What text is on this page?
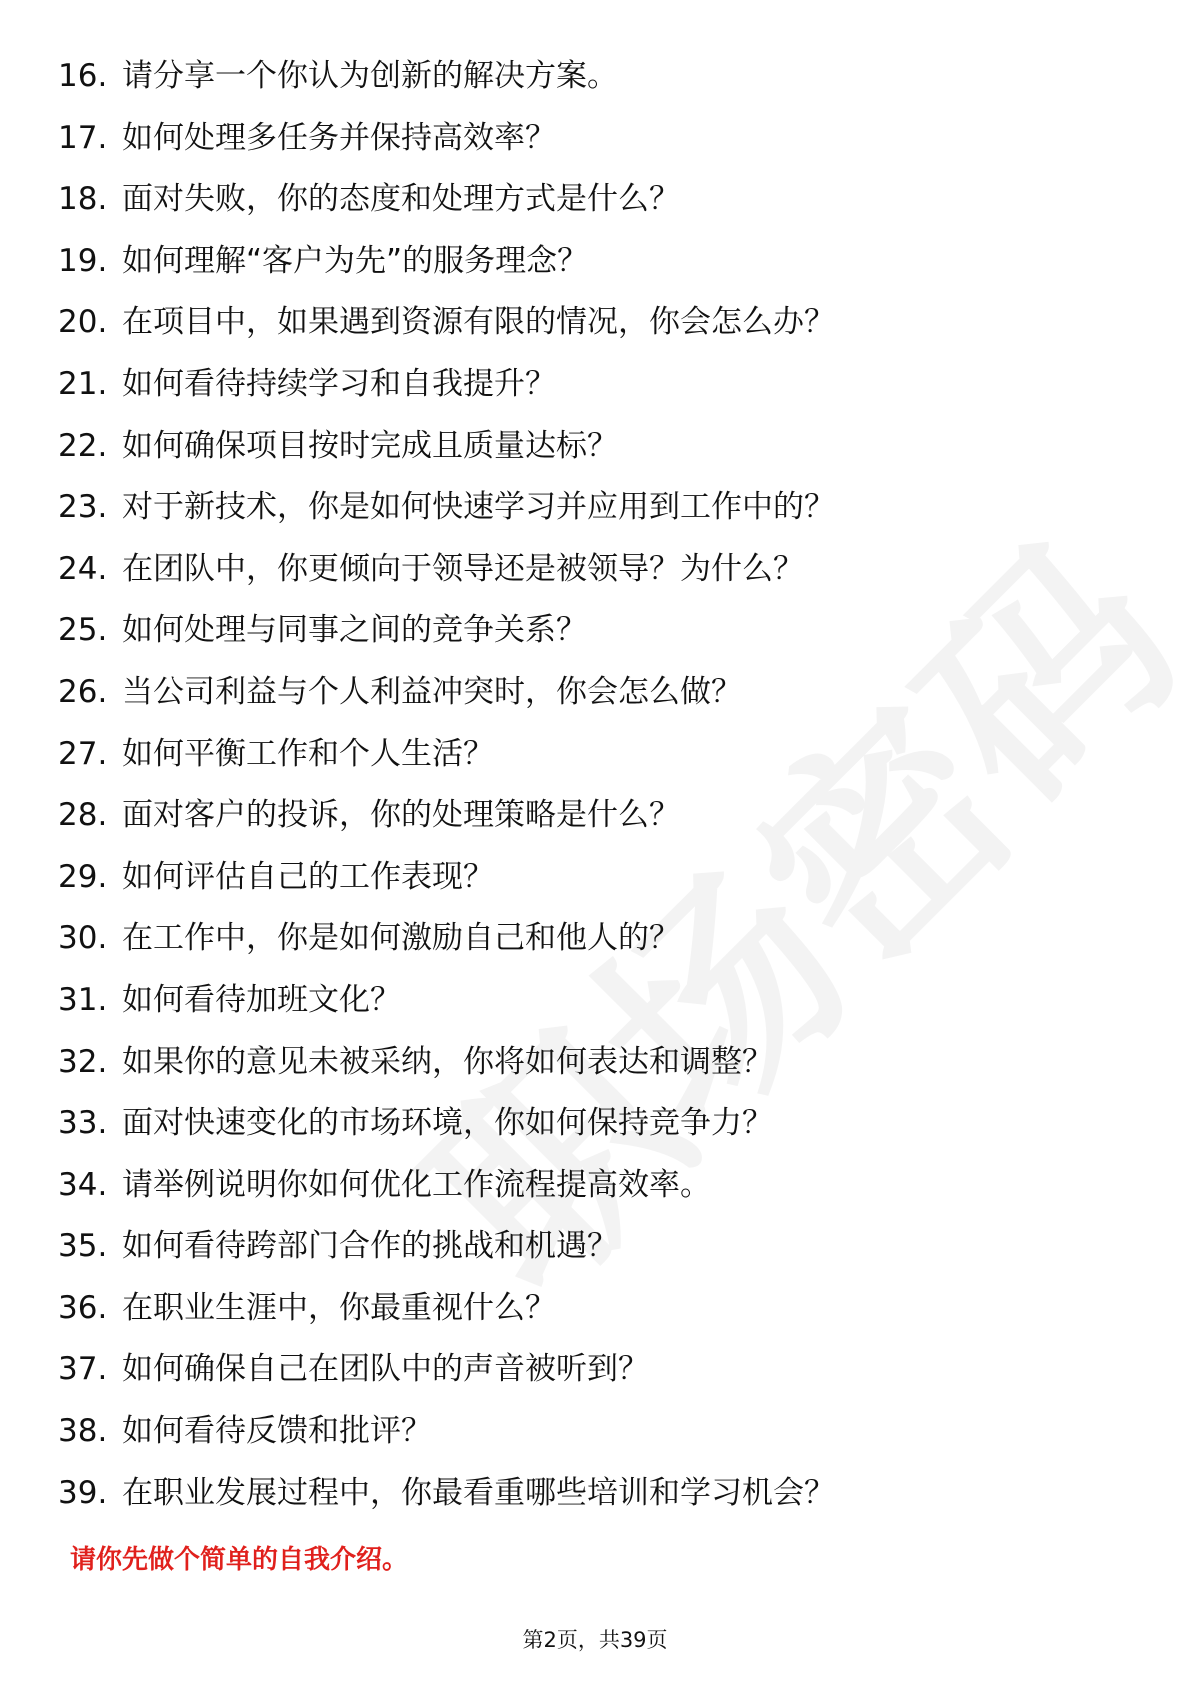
16. 请分享一个你认为创新的解决方案。
17. 如何处理多任务并保持高效率？
18. 面对失败，你的态度和处理方式是什么？
19. 如何理解“客户为先”的服务理念？
20. 在项目中，如果遇到资源有限的情况，你会怎么办？
21. 如何看待持续学习和自我提升？
22. 如何确保项目按时完成且质量达标？
23. 对于新技术，你是如何快速学习并应用到工作中的？
24. 在团队中，你更倾向于领导还是被领导？为什么？
25. 如何处理与同事之间的竞争关系？
26. 当公司利益与个人利益冲突时，你会怎么做？
27. 如何平衡工作和个人生活？
28. 面对客户的投诉，你的处理策略是什么？
29. 如何评估自己的工作表现？
30. 在工作中，你是如何激励自己和他人的？
31. 如何看待加班文化？
32. 如果你的意见未被采纳，你将如何表达和调整？
33. 面对快速变化的市场环境，你如何保持竞争力？
34. 请举例说明你如何优化工作流程提高效率。
35. 如何看待跨部门合作的挑战和机遇？
36. 在职业生涯中，你最重视什么？
37. 如何确保自己在团队中的声音被听到？
38. 如何看待反馈和批评？
39. 在职业发展过程中，你最看重哪些培训和学习机会？
请你先做个简单的自我介绍。
第2页，共39页
